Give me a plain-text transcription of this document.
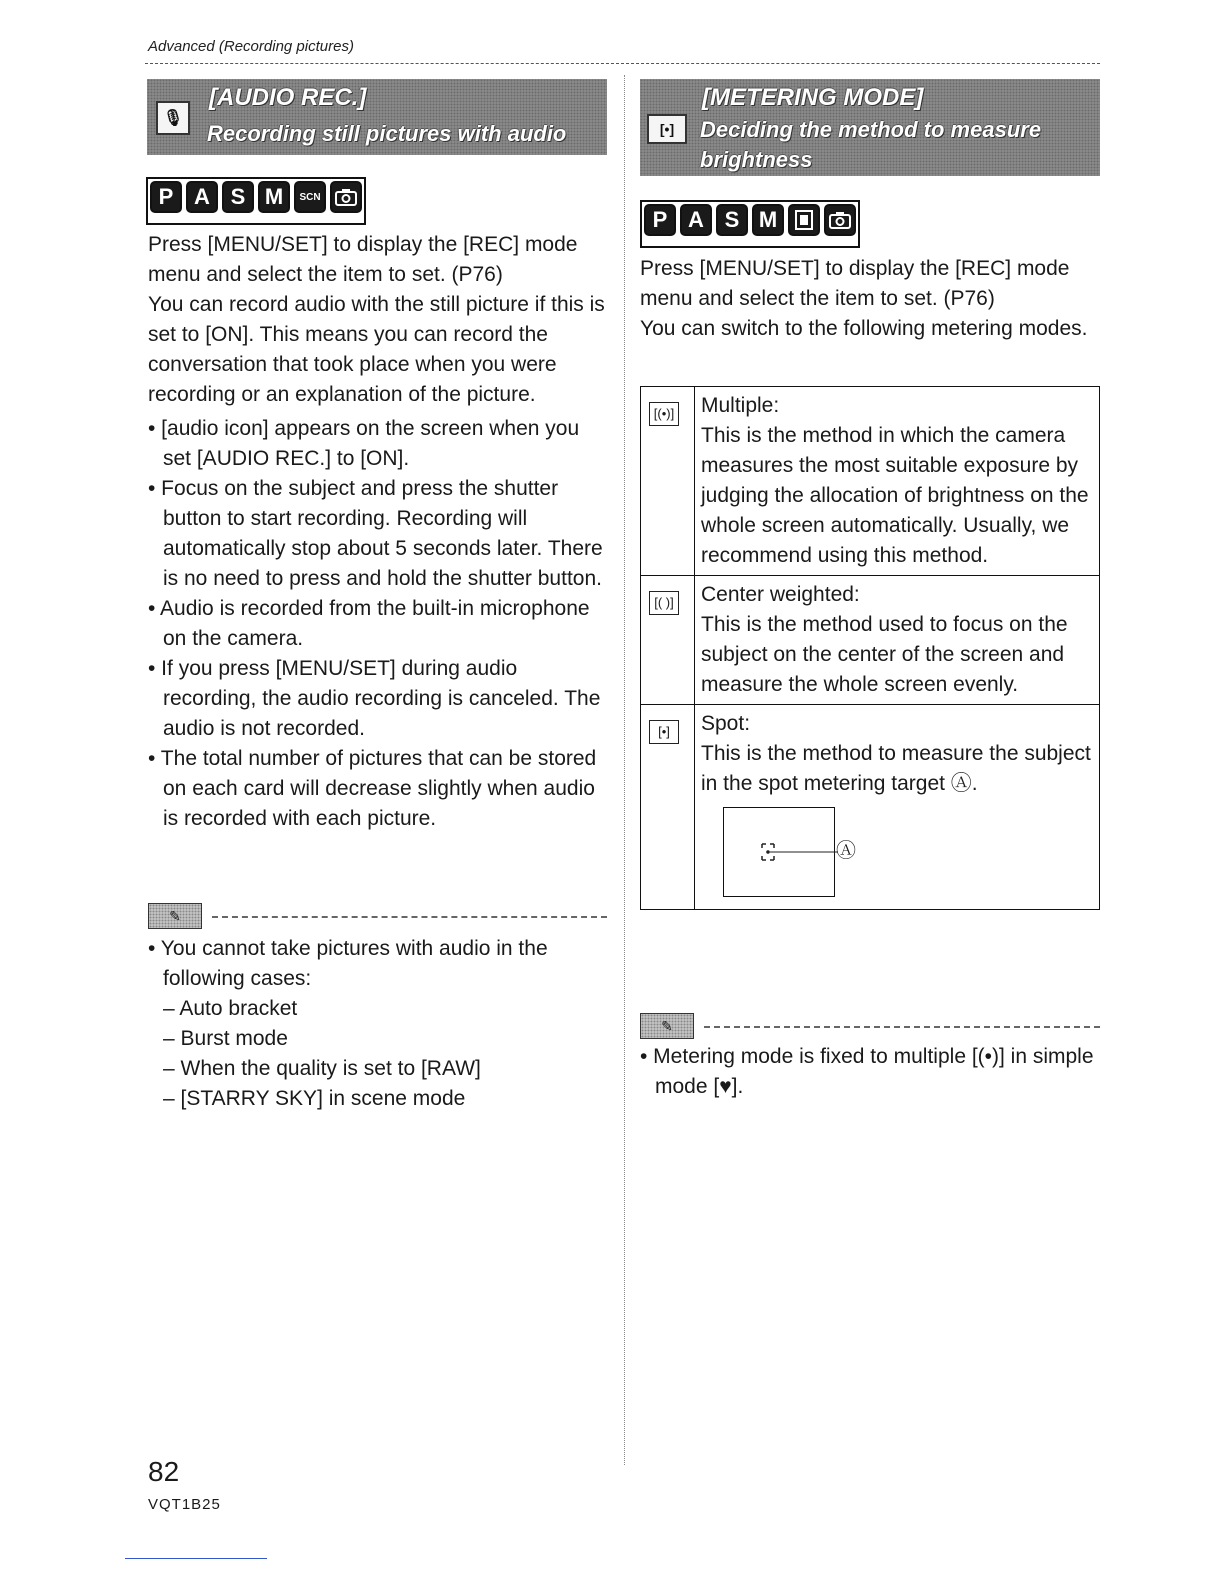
Advanced (Recording pictures)
🎙
[AUDIO REC.]
Recording still pictures with audio
P A S M	SCN

Press [MENU/SET] to display the [REC] mode menu and select the item to set. (P76)

You can record audio with the still picture if this is set to [ON]. This means you can record the conversation that took place when you were recording or an explanation of the picture.

• [audio icon] appears on the screen when you set [AUDIO REC.] to [ON].

• Focus on the subject and press the shutter button to start recording. Recording will automatically stop about 5 seconds later. There is no need to press and hold the shutter button.

• Audio is recorded from the built-in microphone on the camera.

• If you press [MENU/SET] during audio recording, the audio recording is canceled. The audio is not recorded.

• The total number of pictures that can be stored on each card will decrease slightly when audio is recorded with each picture.

✎

• You cannot take pictures with audio in the following cases:

– Auto bracket

– Burst mode

– When the quality is set to [RAW]

– [STARRY SKY] in scene mode

[•]
[METERING MODE]
Deciding the method to measure brightness
P A S M

Press [MENU/SET] to display the [REC] mode menu and select the item to set. (P76)

You can switch to the following metering modes.

[(•)]	Multiple:
This is the method in which the camera measures the most suitable exposure by judging the allocation of brightness on the whole screen automatically. Usually, we recommend using this method.

[( )]	Center weighted:
This is the method used to focus on the subject on the center of the screen and measure the whole screen evenly.

[•]	Spot:
This is the method to measure the subject in the spot metering target Ⓐ.
Ⓐ
✎

• Metering mode is fixed to multiple [(•)] in simple mode [♥].

82
VQT1B25
